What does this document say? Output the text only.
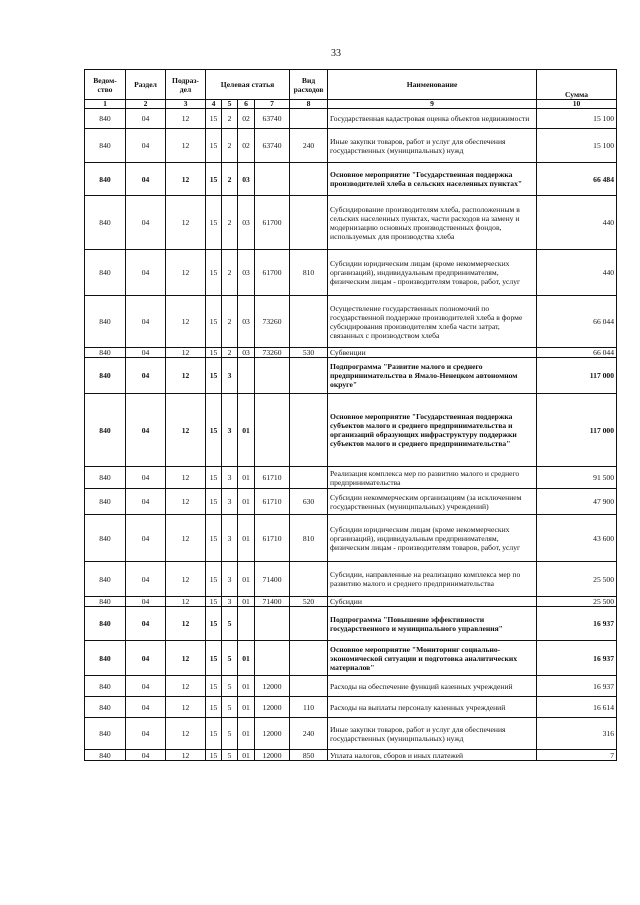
33
Ведом-ство	Раздел	Подраз-дел	Целевая статья				Вид расходов	Наименование	Сумма
1	2	3	4	5	6	7	8	9	10
840	04	12	15	2	02	63740		Государственная кадастровая оценка объектов недвижимости	15 100
840	04	12	15	2	02	63740	240	Иные закупки товаров, работ и услуг для обеспечения государственных (муниципальных) нужд	15 100
840	04	12	15	2	03			Основное мероприятие "Государственная поддержка производителей хлеба в сельских населенных пунктах"	66 484
840	04	12	15	2	03	61700		Субсидирование производителям хлеба, расположенным в сельских населенных пунктах, части расходов на замену и модернизацию основных производственных фондов, используемых для производства хлеба	440
840	04	12	15	2	03	61700	810	Субсидии юридическим лицам (кроме некоммерческих организаций), индивидуальным предпринимателям, физическим лицам - производителям товаров, работ, услуг	440
840	04	12	15	2	03	73260		Осуществление государственных полномочий по государственной поддержке производителей хлеба в форме субсидирования производителям хлеба части затрат, связанных с производством хлеба	66 044
840	04	12	15	2	03	73260	530	Субвенции	66 044
840	04	12	15	3				Подпрограмма "Развитие малого и среднего предпринимательства в Ямало-Ненецком автономном округе"	117 000
840	04	12	15	3	01			Основное мероприятие "Государственная поддержка субъектов малого и среднего предпринимательства и организаций образующих инфраструктуру поддержки субъектов малого и среднего предпринимательства"	117 000
840	04	12	15	3	01	61710		Реализация комплекса мер по развитию малого и среднего предпринимательства	91 500
840	04	12	15	3	01	61710	630	Субсидии некоммерческим организациям (за исключением государственных (муниципальных) учреждений)	47 900
840	04	12	15	3	01	61710	810	Субсидии юридическим лицам (кроме некоммерческих организаций), индивидуальным предпринимателям, физическим лицам - производителям товаров, работ, услуг	43 600
840	04	12	15	3	01	71400		Субсидии, направленные на реализацию комплекса мер по развитию малого и среднего предпринимательства	25 500
840	04	12	15	3	01	71400	520	Субсидии	25 500
840	04	12	15	5				Подпрограмма "Повышение эффективности государственного и муниципального управления"	16 937
840	04	12	15	5	01			Основное мероприятие "Мониторинг социально-экономической ситуации и подготовка аналитических материалов"	16 937
840	04	12	15	5	01	12000		Расходы на обеспечение функций казенных учреждений	16 937
840	04	12	15	5	01	12000	110	Расходы на выплаты персоналу казенных учреждений	16 614
840	04	12	15	5	01	12000	240	Иные закупки товаров, работ и услуг для обеспечения государственных (муниципальных) нужд	316
840	04	12	15	5	01	12000	850	Уплата налогов, сборов и иных платежей	7
